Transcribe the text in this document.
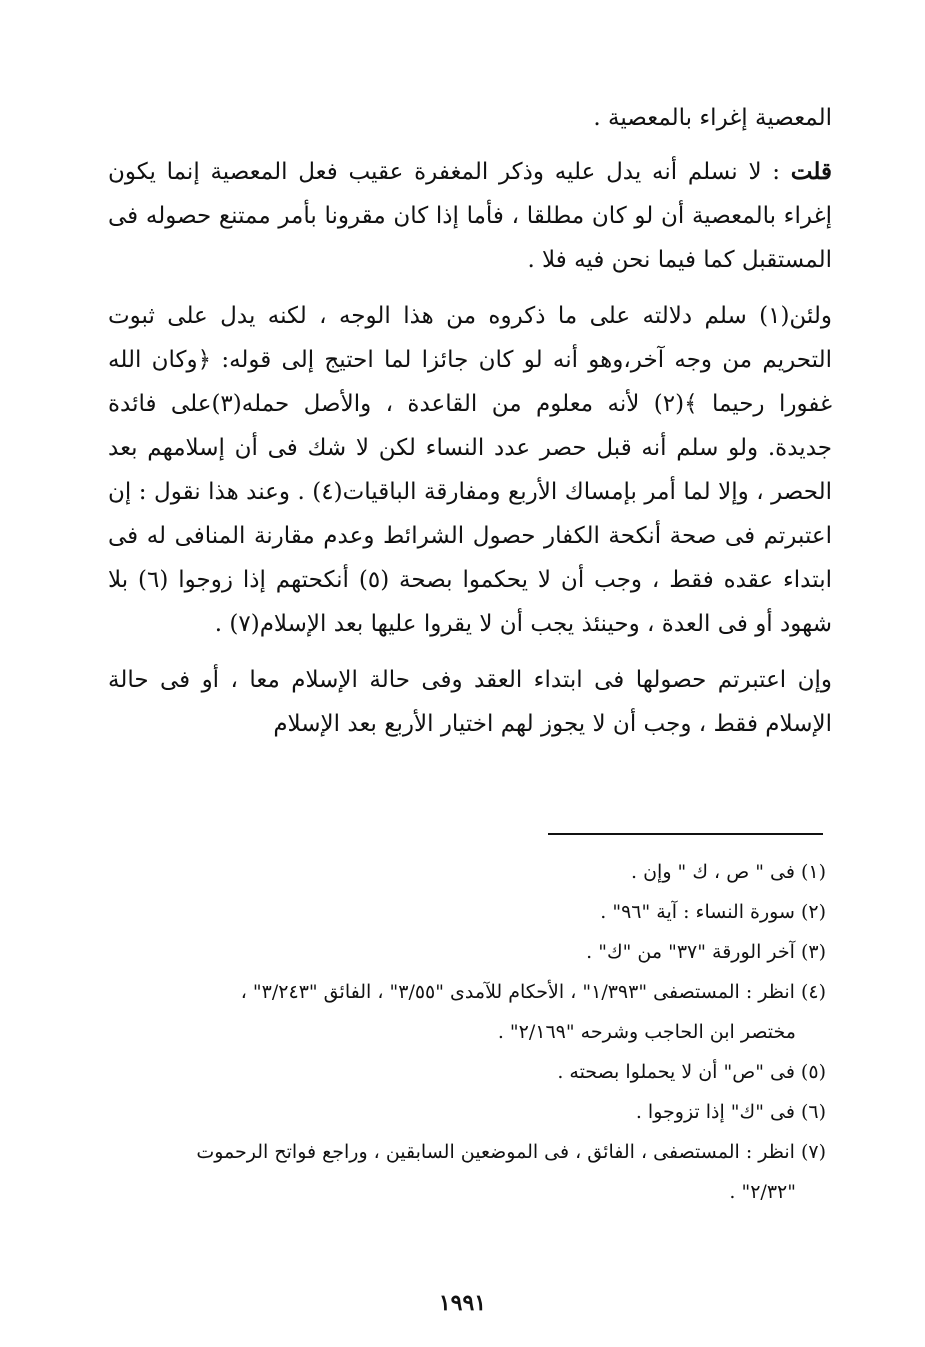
المعصية إغراء بالمعصية .

قلت : لا نسلم أنه يدل عليه وذكر المغفرة عقيب فعل المعصية إنما يكون إغراء بالمعصية أن لو كان مطلقا ، فأما إذا كان مقرونا بأمر ممتنع حصوله فى المستقبل كما فيما نحن فيه فلا .

ولئن(١) سلم دلالته على ما ذكروه من هذا الوجه ، لكنه يدل على ثبوت التحريم من وجه آخر،وهو أنه لو كان جائزا لما احتيج إلى قوله: ﴿وكان الله غفورا رحيما ﴾(٢) لأنه معلوم من القاعدة ، والأصل حمله(٣)على فائدة جديدة. ولو سلم أنه قبل حصر عدد النساء لكن لا شك فى أن إسلامهم بعد الحصر ، وإلا لما أمر بإمساك الأربع ومفارقة الباقيات(٤) . وعند هذا نقول : إن اعتبرتم فى صحة أنكحة الكفار حصول الشرائط وعدم مقارنة المنافى له فى ابتداء عقده فقط ، وجب أن لا يحكموا بصحة (٥) أنكحتهم إذا زوجوا (٦) بلا شهود أو فى العدة ، وحينئذ يجب أن لا يقروا عليها بعد الإسلام(٧) .

وإن اعتبرتم حصولها فى ابتداء العقد وفى حالة الإسلام معا ، أو فى حالة الإسلام فقط ، وجب أن لا يجوز لهم اختيار الأربع بعد الإسلام

(١) فى " ص ، ك " وإن .

(٢) سورة النساء : آية "٩٦" .

(٣) آخر الورقة "٣٧" من "ك" .

(٤) انظر : المستصفى "١/٣٩٣" ، الأحكام للآمدى "٣/٥٥" ، الفائق "٣/٢٤٣" ،
مختصر ابن الحاجب وشرحه "٢/١٦٩" .

(٥) فى "ص" أن لا يحملوا بصحته .

(٦) فى "ك" إذا تزوجوا .

(٧) انظر : المستصفى ، الفائق ، فى الموضعين السابقين ، وراجع فواتح الرحموت
"٢/٣٢" .

١٩٩١
